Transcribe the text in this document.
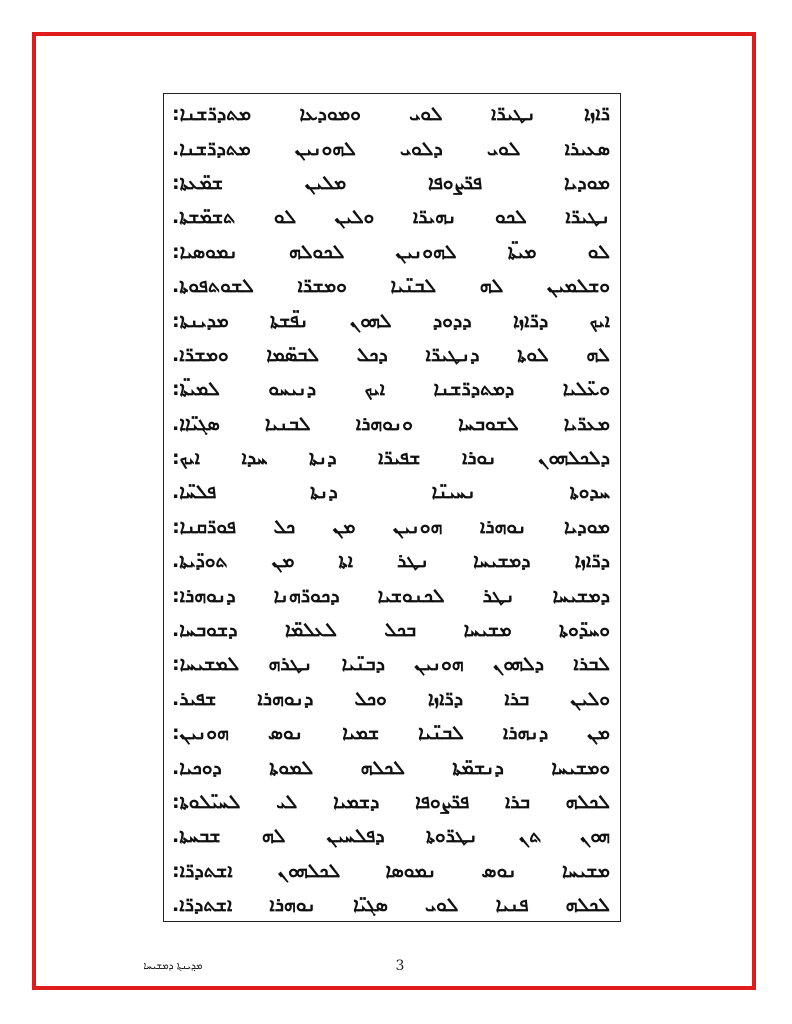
ܪ̈ܐܙܐ
ܢܛܝܪ̈ܐ
ܠܘܝ
ܘܡܘܕܥܐ
ܡܬܕܪ̈ܫܢܐ:
ܣܥܝܪܐ
ܠܘܝ
ܕܠܘܝ
ܠܗܘܢܝܢ
ܡܬܕܪ̈ܫܢܐ.
ܡܘܕܝܐ
ܦܪ̈ܨܘܦܐ
ܡܠܝܢ
ܫܡ̈ܥܬܐ:
ܢܛܝܪ̈ܐ
ܠܟܘ
ܢܗܝܪ̈ܐ
ܘܠܝܢ
ܠܘ
ܬܫܡ̈ܫܬܐ.
ܠܘ
ܡܝܬ̈ܐ
ܠܗܘܢܝܢ
ܠܟܘܠܗ
ܢܡܘܣܝܐ:
ܘܫܠܡܝܢ
ܠܗ
ܠܒܢ̈ܝܐ
ܘܡܫܪ̈ܐ
ܠܫܘܬܦܘܬܐ.
ܐܝܟ
ܕܪ̈ܐܙܐ
ܕܕܘܕ
ܠܗܘܢ
ܢܦ̈ܫܬܐ
ܡܕܝܢܬܐ:
ܠܗ
ܠܘܬܐ
ܕܢܛܝܪ̈ܐ
ܕܟܠ
ܠܒܣ̈ܡܐ
ܘܡܫܪ̈ܐ.
ܘܥ̈ܠܝܐ
ܕܡܬܕܪ̈ܫܢܐ
ܐܝܟ
ܕܢܝܚܘ
ܠܡܝܬ̈ܐ:
ܡܥܪ̈ܝܐ
ܠܫܘܒܚܐ
ܘܢܘܗܪܐ
ܠܒܢܝܐ
ܣܓܝ̈ܐܐ.
ܕܠܟܠܗܘܢ
ܢܘܪܐ
ܫܦܝܪ̈ܐ
ܕܢܬܐ
ܚܕܐ
ܐܝܟ:
ܚܕܘܬܐ
ܢܚܝܢ̈ܐ
ܕܢܬܐ
ܦܠܚ̈ܐ.
ܡܘܕܝܐ
ܢܘܗܪܐ
ܗܘܢܝܢ
ܡܢ
ܟܠ
ܦܘܪ̈ܩܢܐ:
ܕܪ̈ܐܙܐ
ܕܡܫܝܚܐ
ܢܛܪ
ܐܬܐ
ܡܢ
ܬܘܕ̈ܝܬܐ.
ܕܡܫܝܚܐ
ܢܛܪ
ܠܟܢܘܫܝܐ
ܕܟܘܪ̈ܗܢܐ
ܕܢܘܗܪܐ:
ܘܚܕ̈ܘܬܐ
ܡܫܝܚܐ
ܒܟܠ
ܠܥܠܡ̈ܐ
ܕܫܘܒܚܐ.
ܠܒܪܐ
ܕܠܗܘܢ
ܗܘܢܝܢ
ܕܒܢ̈ܝܐ
ܢܛܪܗ
ܠܡܫܝܚܐ:
ܘܠܝܢ
ܒܪܐ
ܕܪ̈ܐܙܐ
ܘܟܠ
ܕܢܘܗܪܐ
ܫܦܝܪ.
ܡܢ
ܕܢܗܪܐ
ܠܒܢ̈ܝܐ
ܫܡܝܐ
ܢܘܣ
ܗܘܢܝܢ:
ܘܡܫܝܚܐ
ܕܢܫܡ̈ܬܐ
ܠܟܠܗ
ܠܡܘܬܐ
ܕܘܟܝܐ.
ܠܟܠܗ
ܒܪܐ
ܦܪ̈ܨܘܦܐ
ܕܫܡܝܐ
ܠܝ
ܠܚܝ̈ܠܘܬܐ:
ܗܘܢ
ܬܢ
ܢܛܪ̈ܘܬܐ
ܕܦܠܚܝܢ
ܠܗ
ܫܒܚܬܐ.
ܡܫܝܚܐ
ܢܘܣ
ܢܡܘܣܐ
ܠܟܠܗܘܢ
ܐܫܬܕܪ̈ܐ:
ܠܟܠܗ
ܦܢܝܐ
ܠܘܝ
ܣܓܝ̈ܐ
ܢܘܗܪܐ
ܐܫܬܕܪ̈ܐ.
ܡܕ݂ܝܢܬ݂ܐ ܕܡܫܝܚܐ	3
